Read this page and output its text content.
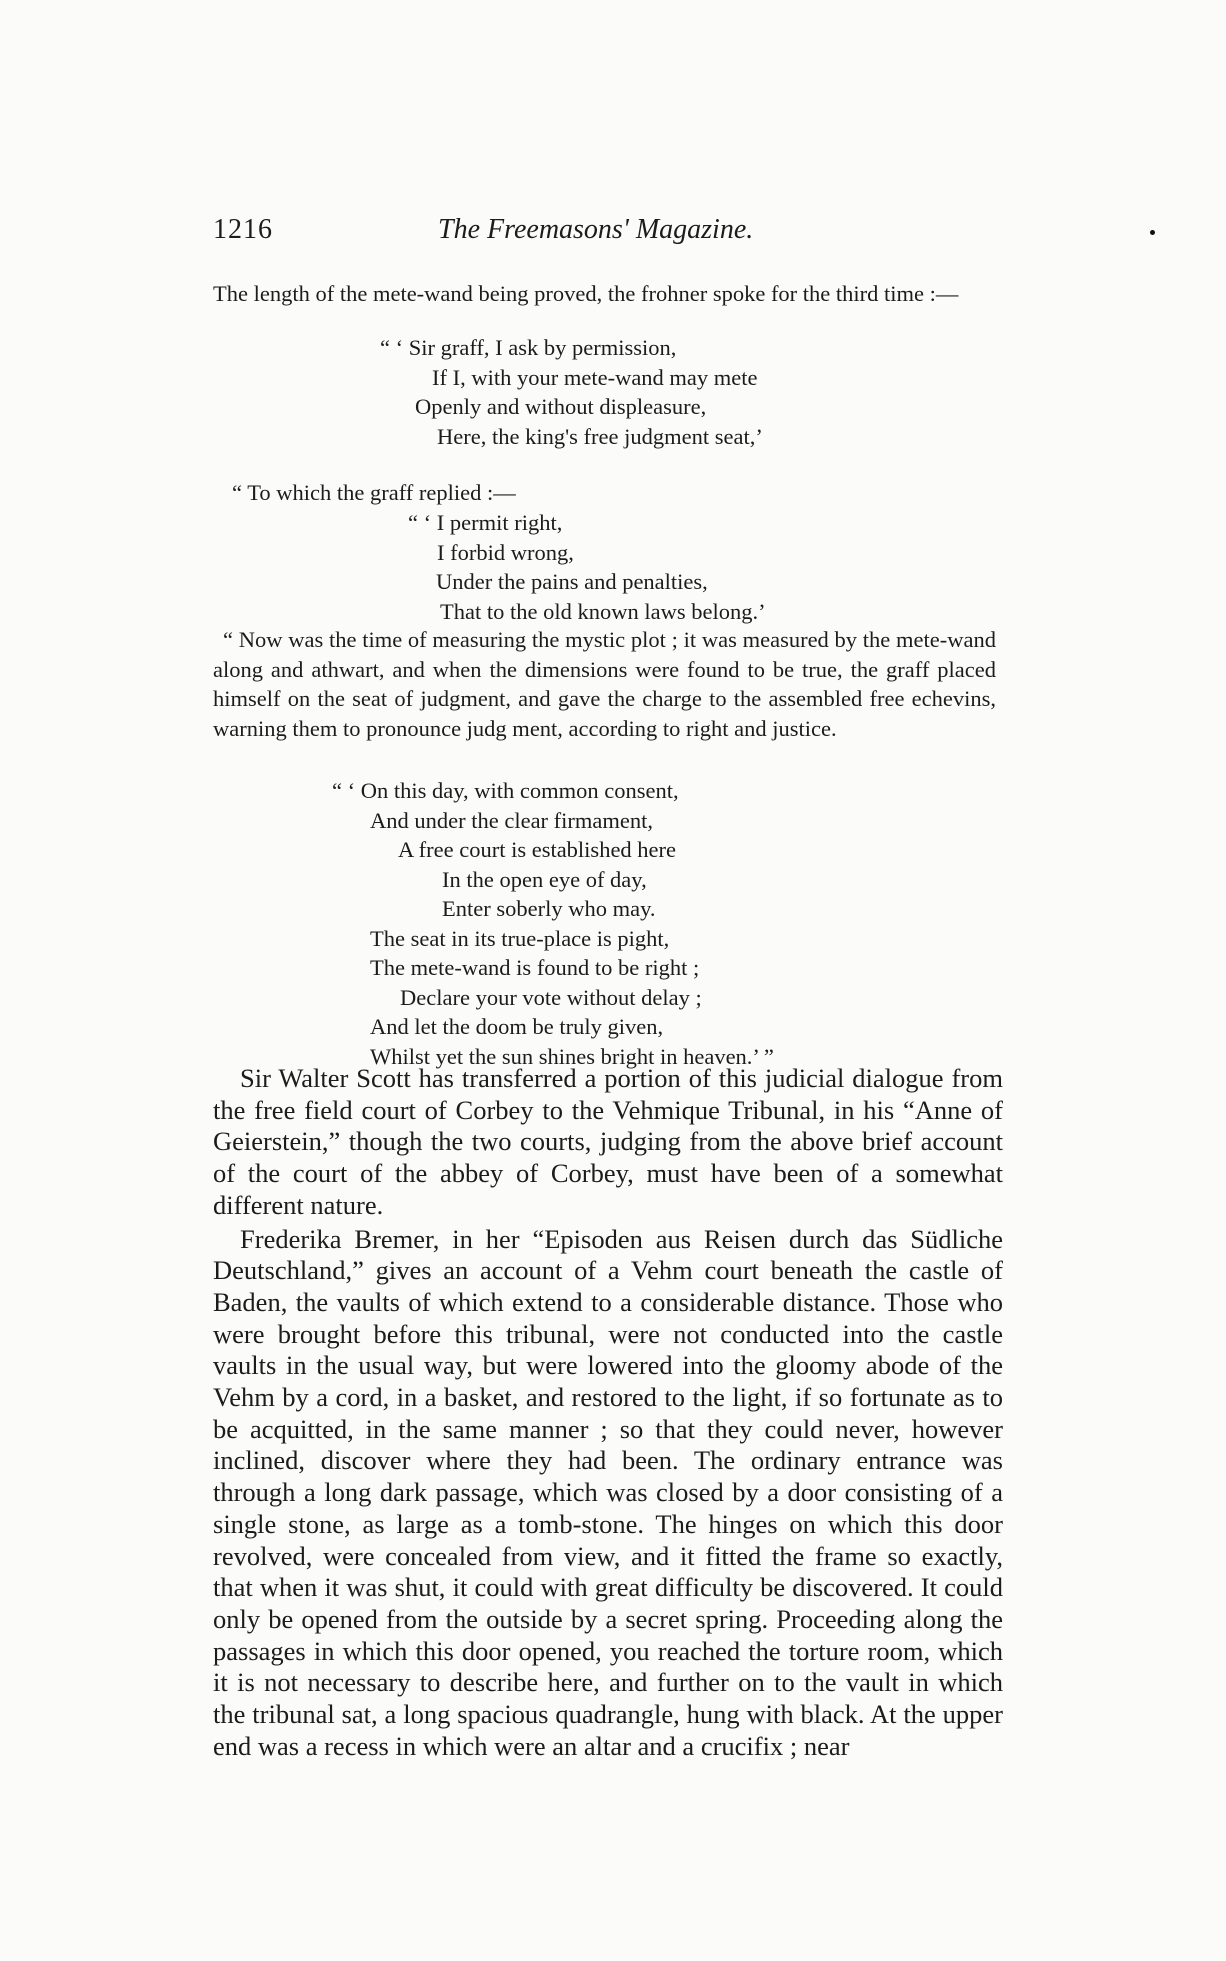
1216	The Freemasons' Magazine.

The length of the mete-wand being proved, the frohner spoke for the third time :—

“ ‘ Sir graff, I ask by permission,
If I, with your mete-wand may mete
Openly and without displeasure,
Here, the king's free judgment seat,’

“ To which the graff replied :—

“ ‘ I permit right,
I forbid wrong,
Under the pains and penalties,
That to the old known laws belong.’

“ Now was the time of measuring the mystic plot ; it was measured by the mete-wand along and athwart, and when the dimensions were found to be true, the graff placed himself on the seat of judgment, and gave the charge to the assembled free echevins, warning them to pronounce judg ment, according to right and justice.

“ ‘ On this day, with common consent,
And under the clear firmament,
A free court is established here
In the open eye of day,
Enter soberly who may.
The seat in its true-place is pight,
The mete-wand is found to be right ;
Declare your vote without delay ;
And let the doom be truly given,
Whilst yet the sun shines bright in heaven.’ ”

Sir Walter Scott has transferred a portion of this judicial dialogue from the free field court of Corbey to the Vehmique Tribunal, in his “Anne of Geierstein,” though the two courts, judging from the above brief account of the court of the abbey of Corbey, must have been of a somewhat different nature.

Frederika Bremer, in her “Episoden aus Reisen durch das Südliche Deutschland,” gives an account of a Vehm court beneath the castle of Baden, the vaults of which extend to a considerable distance. Those who were brought before this tribunal, were not conducted into the castle vaults in the usual way, but were lowered into the gloomy abode of the Vehm by a cord, in a basket, and restored to the light, if so fortunate as to be acquitted, in the same manner ; so that they could never, however inclined, discover where they had been. The ordinary entrance was through a long dark passage, which was closed by a door consisting of a single stone, as large as a tomb-stone. The hinges on which this door revolved, were concealed from view, and it fitted the frame so exactly, that when it was shut, it could with great difficulty be discovered. It could only be opened from the outside by a secret spring. Proceeding along the passages in which this door opened, you reached the torture room, which it is not necessary to describe here, and further on to the vault in which the tribunal sat, a long spacious quadrangle, hung with black. At the upper end was a recess in which were an altar and a crucifix ; near
